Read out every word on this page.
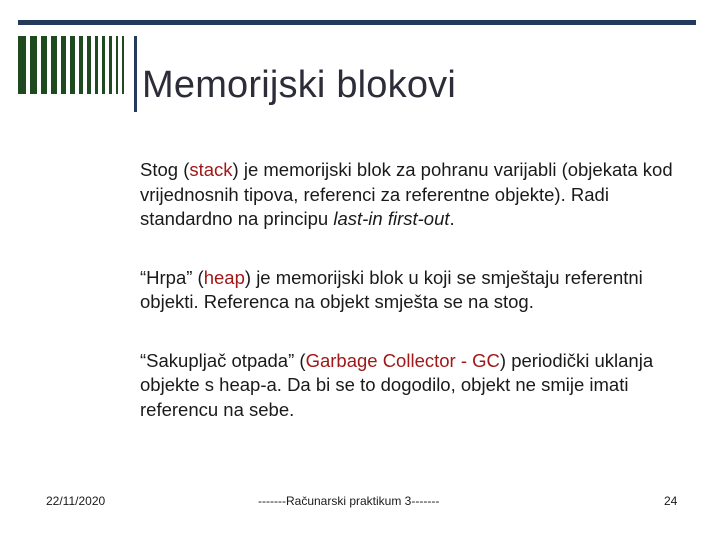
Memorijski blokovi

Stog (stack) je memorijski blok za pohranu varijabli (objekata kod vrijednosnih tipova, referenci za referentne objekte). Radi standardno na principu last-in first-out.

“Hrpa” (heap) je memorijski blok u koji se smještaju referentni objekti. Referenca na objekt smješta se na stog.

“Sakupljač otpada” (Garbage Collector - GC) periodički uklanja objekte s heap-a. Da bi se to dogodilo, objekt ne smije imati referencu na sebe.

22/11/2020	-------Računarski praktikum 3-------	24
